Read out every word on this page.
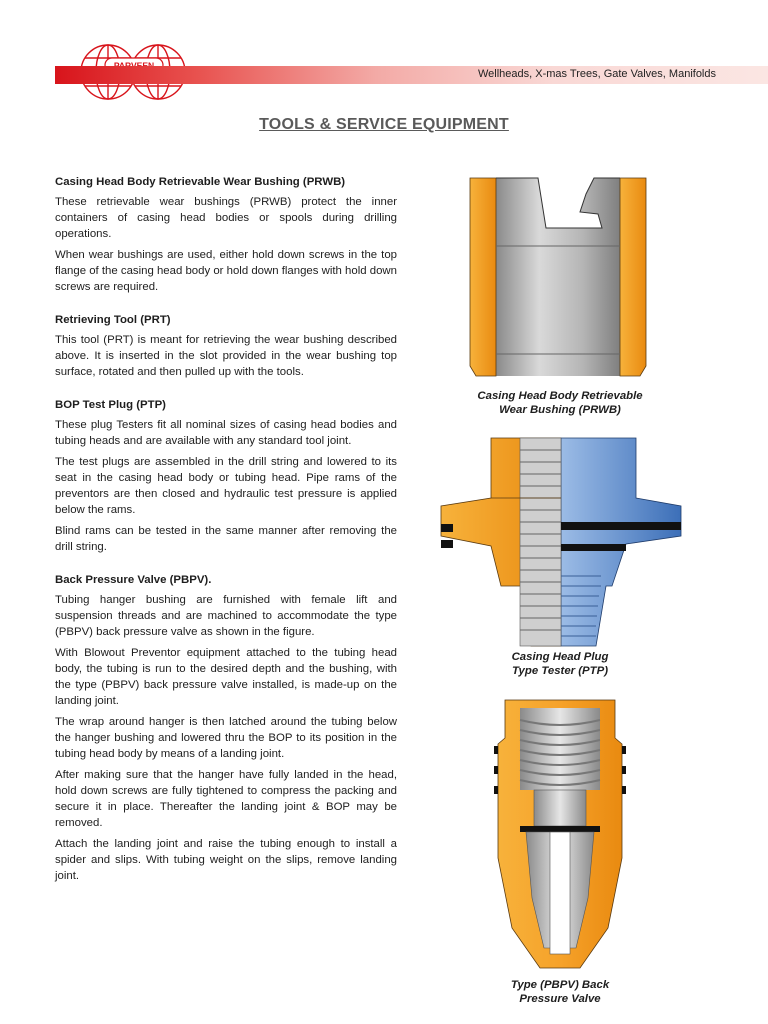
Wellheads, X-mas Trees, Gate Valves, Manifolds
TOOLS & SERVICE EQUIPMENT
Casing Head Body Retrievable Wear Bushing (PRWB)

These retrievable wear bushings (PRWB) protect the inner containers of casing head bodies or spools during drilling operations.

When wear bushings are used, either hold down screws in the top flange of the casing head body or hold down flanges with hold down screws are required.

Retrieving Tool (PRT)

This tool (PRT) is meant for retrieving the wear bushing described above. It is inserted in the slot provided in the wear bushing top surface, rotated and then pulled up with the tools.

BOP Test Plug (PTP)

These plug Testers fit all nominal sizes of casing head bodies and tubing heads and are available with any standard tool joint.

The test plugs are assembled in the drill string and lowered to its seat in the casing head body or tubing head. Pipe rams of the preventors are then closed and hydraulic test pressure is applied below the rams.

Blind rams can be tested in the same manner after removing the drill string.

Back Pressure Valve (PBPV).

Tubing hanger bushing are furnished with female lift and suspension threads and are machined to accommodate the type (PBPV) back pressure valve as shown in the figure.

With Blowout Preventor equipment attached to the tubing head body, the tubing is run to the desired depth and the bushing, with the type (PBPV) back pressure valve installed, is made-up on the landing joint.

The wrap around hanger is then latched around the tubing below the hanger bushing and lowered thru the BOP to its position in the tubing head body by means of a landing joint.

After making sure that the hanger have fully landed in the head, hold down screws are fully tightened to compress the packing and secure it in place. Thereafter the landing joint & BOP may be removed.

Attach the landing joint and raise the tubing enough to install a spider and slips. With tubing weight on the slips, remove landing joint.

Casing Head Body Retrievable
Wear Bushing (PRWB)
Casing Head Plug
Type Tester (PTP)
Type (PBPV) Back
Pressure Valve
